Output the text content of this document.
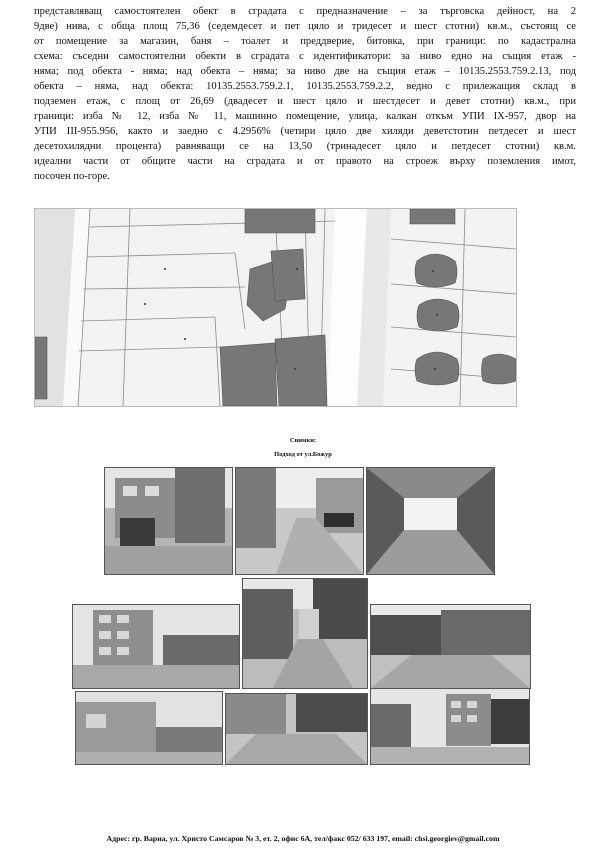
представляващ самостоятелен обект в сградата с предназначение – за търговска дейност, на 2
9две) нива, с обща площ 75,36 (седемдесет и пет цяло и тридесет и шест стотни) кв.м., състоящ се
от помещение за магазин, баня – тоалет и преддверие, битовка, при граници: по кадастрална
схема: съседни самостоятелни обекти в сградата с идентификатори: за ниво едно на същия етаж -
няма; под обекта - няма; над обекта – няма; за ниво две на същия етаж – 10135.2553.759.2.13, под
обекта – няма, над обекта: 10135.2553.759.2.1, 10135.2553.759.2.2, ведно с прилежащия склад в
подземен етаж, с площ от 26,69 (двадесет и шест цяло и шестдесет и девет стотни) кв.м., при
граници: изба № 12, изба № 11, машинно помещение, улица, калкан откъм УПИ IX-957, двор на
УПИ III-955.956, както и заедно с 4.2956% (четири цяло две хиляди деветстотин петдесет и шест
десетохилядни процента) равняващи се на 13,50 (тринадесет цяло и петдесет стотни) кв.м.
идеални части от общите части на сградата и от правото на строеж върху поземления имот,
посочен по-горе.
Снимки:
Подход от ул.Божур
Адрес: гр. Варна, ул. Христо Самсаров № 3, ет. 2, офис 6А, тел/факс 052/ 633 197, email: chsi.georgiev@gmail.com
